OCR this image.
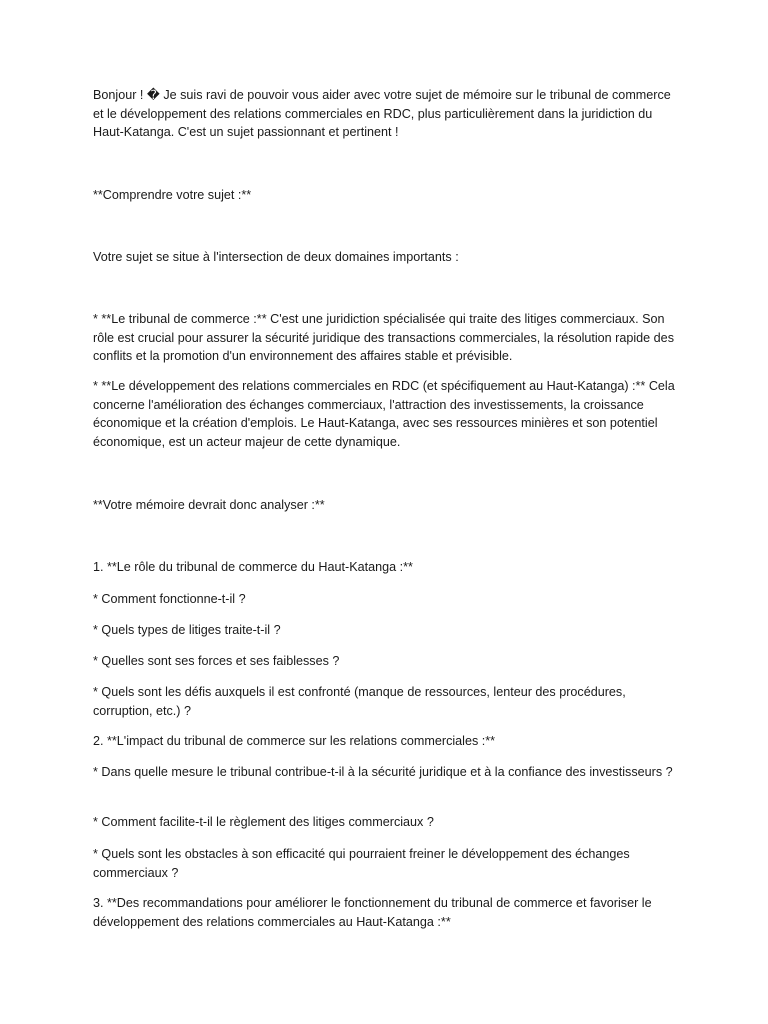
Bonjour ! � Je suis ravi de pouvoir vous aider avec votre sujet de mémoire sur le tribunal de commerce et le développement des relations commerciales en RDC, plus particulièrement dans la juridiction du Haut-Katanga. C'est un sujet passionnant et pertinent !

**Comprendre votre sujet :**

Votre sujet se situe à l'intersection de deux domaines importants :

* **Le tribunal de commerce :** C'est une juridiction spécialisée qui traite des litiges commerciaux. Son rôle est crucial pour assurer la sécurité juridique des transactions commerciales, la résolution rapide des conflits et la promotion d'un environnement des affaires stable et prévisible.

* **Le développement des relations commerciales en RDC (et spécifiquement au Haut-Katanga) :** Cela concerne l'amélioration des échanges commerciaux, l'attraction des investissements, la croissance économique et la création d'emplois. Le Haut-Katanga, avec ses ressources minières et son potentiel économique, est un acteur majeur de cette dynamique.

**Votre mémoire devrait donc analyser :**

1. **Le rôle du tribunal de commerce du Haut-Katanga :**

* Comment fonctionne-t-il ?

* Quels types de litiges traite-t-il ?

* Quelles sont ses forces et ses faiblesses ?

* Quels sont les défis auxquels il est confronté (manque de ressources, lenteur des procédures, corruption, etc.) ?

2. **L'impact du tribunal de commerce sur les relations commerciales :**

* Dans quelle mesure le tribunal contribue-t-il à la sécurité juridique et à la confiance des investisseurs ?

* Comment facilite-t-il le règlement des litiges commerciaux ?

* Quels sont les obstacles à son efficacité qui pourraient freiner le développement des échanges commerciaux ?

3. **Des recommandations pour améliorer le fonctionnement du tribunal de commerce et favoriser le développement des relations commerciales au Haut-Katanga :**
